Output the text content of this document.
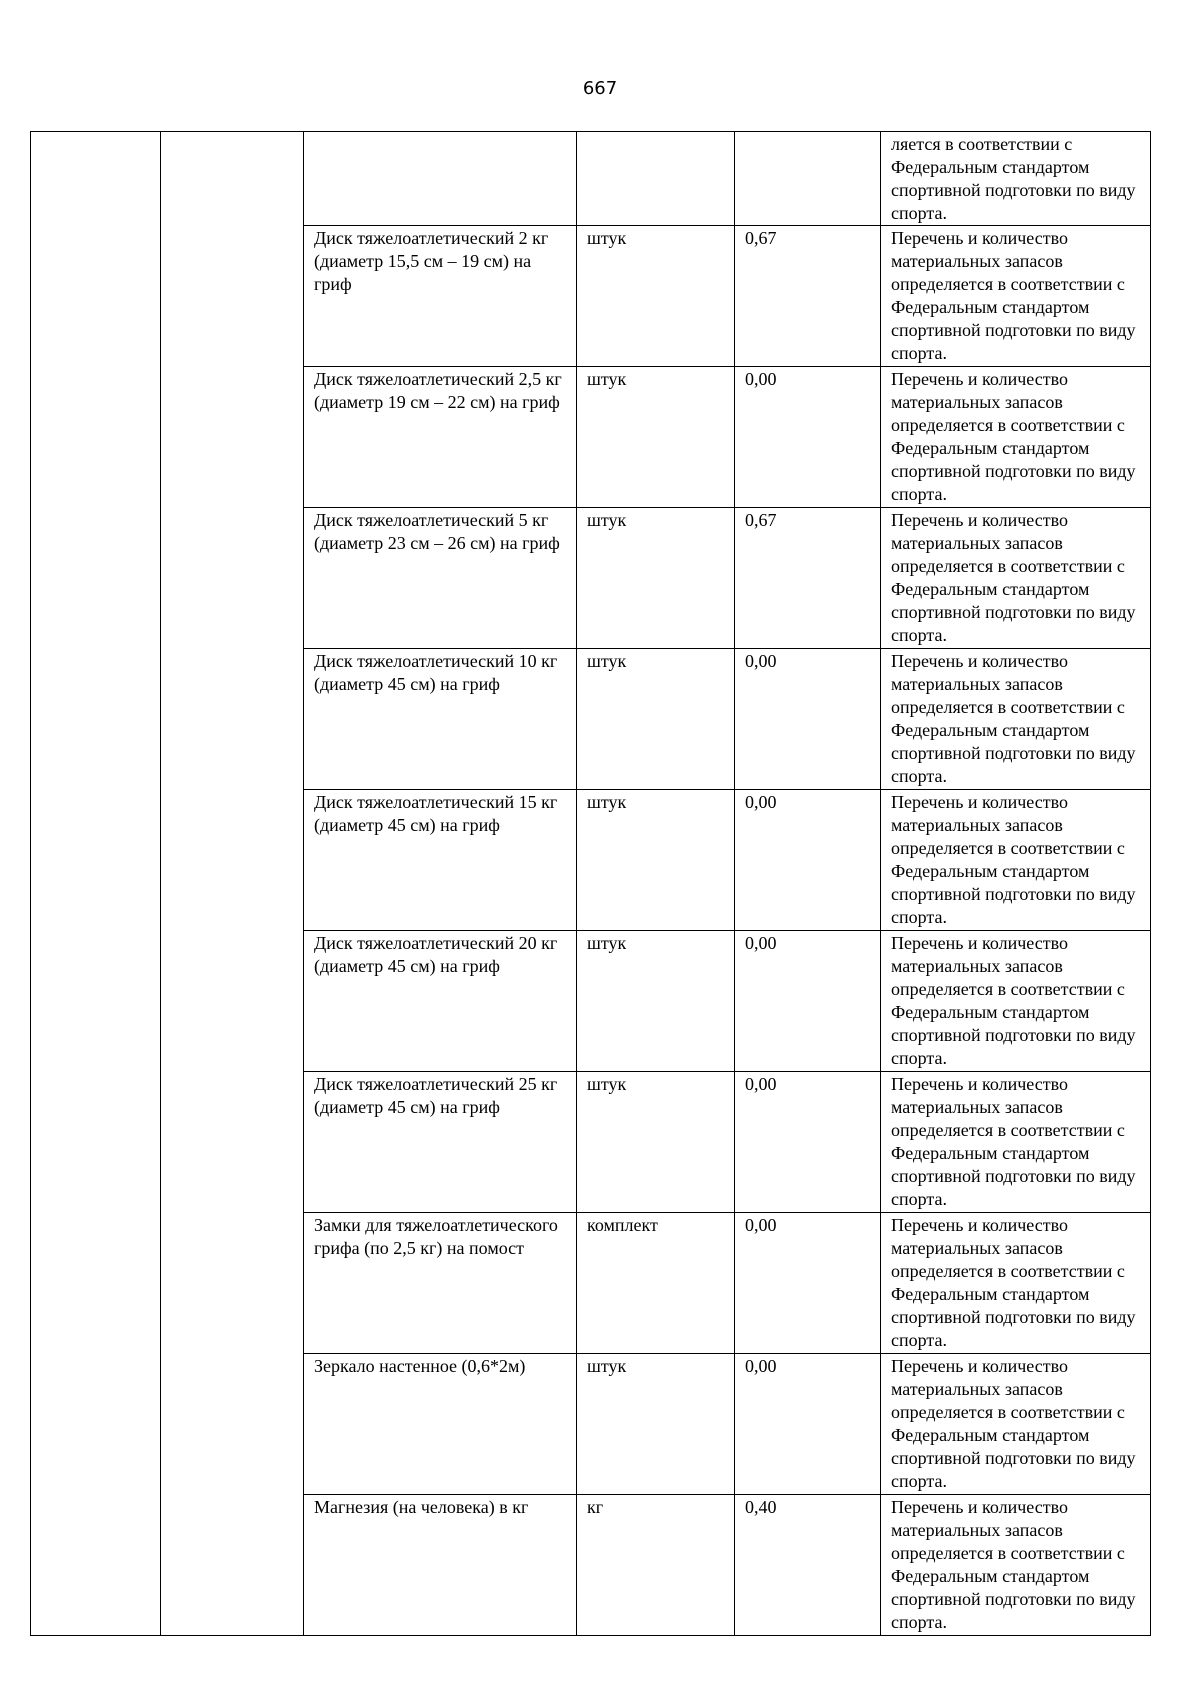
667
					ляется в соответствии с Федеральным стандартом спортивной подготовки по виду спорта.
		Диск тяжелоатлетический 2 кг (диаметр 15,5 см – 19 см) на гриф	штук	0,67	Перечень и количество материальных запасов определяется в соответствии с Федеральным стандартом спортивной подготовки по виду спорта.
		Диск тяжелоатлетический 2,5 кг (диаметр 19 см – 22 см) на гриф	штук	0,00	Перечень и количество материальных запасов определяется в соответствии с Федеральным стандартом спортивной подготовки по виду спорта.
		Диск тяжелоатлетический 5 кг (диаметр 23 см – 26 см) на гриф	штук	0,67	Перечень и количество материальных запасов определяется в соответствии с Федеральным стандартом спортивной подготовки по виду спорта.
		Диск тяжелоатлетический 10 кг (диаметр 45 см) на гриф	штук	0,00	Перечень и количество материальных запасов определяется в соответствии с Федеральным стандартом спортивной подготовки по виду спорта.
		Диск тяжелоатлетический 15 кг (диаметр 45 см) на гриф	штук	0,00	Перечень и количество материальных запасов определяется в соответствии с Федеральным стандартом спортивной подготовки по виду спорта.
		Диск тяжелоатлетический 20 кг (диаметр 45 см) на гриф	штук	0,00	Перечень и количество материальных запасов определяется в соответствии с Федеральным стандартом спортивной подготовки по виду спорта.
		Диск тяжелоатлетический 25 кг (диаметр 45 см) на гриф	штук	0,00	Перечень и количество материальных запасов определяется в соответствии с Федеральным стандартом спортивной подготовки по виду спорта.
		Замки для тяжелоатлетического грифа (по 2,5 кг) на помост	комплект	0,00	Перечень и количество материальных запасов определяется в соответствии с Федеральным стандартом спортивной подготовки по виду спорта.
		Зеркало настенное (0,6*2м)	штук	0,00	Перечень и количество материальных запасов определяется в соответствии с Федеральным стандартом спортивной подготовки по виду спорта.
		Магнезия (на человека) в кг	кг	0,40	Перечень и количество материальных запасов определяется в соответствии с Федеральным стандартом спортивной подготовки по виду спорта.
